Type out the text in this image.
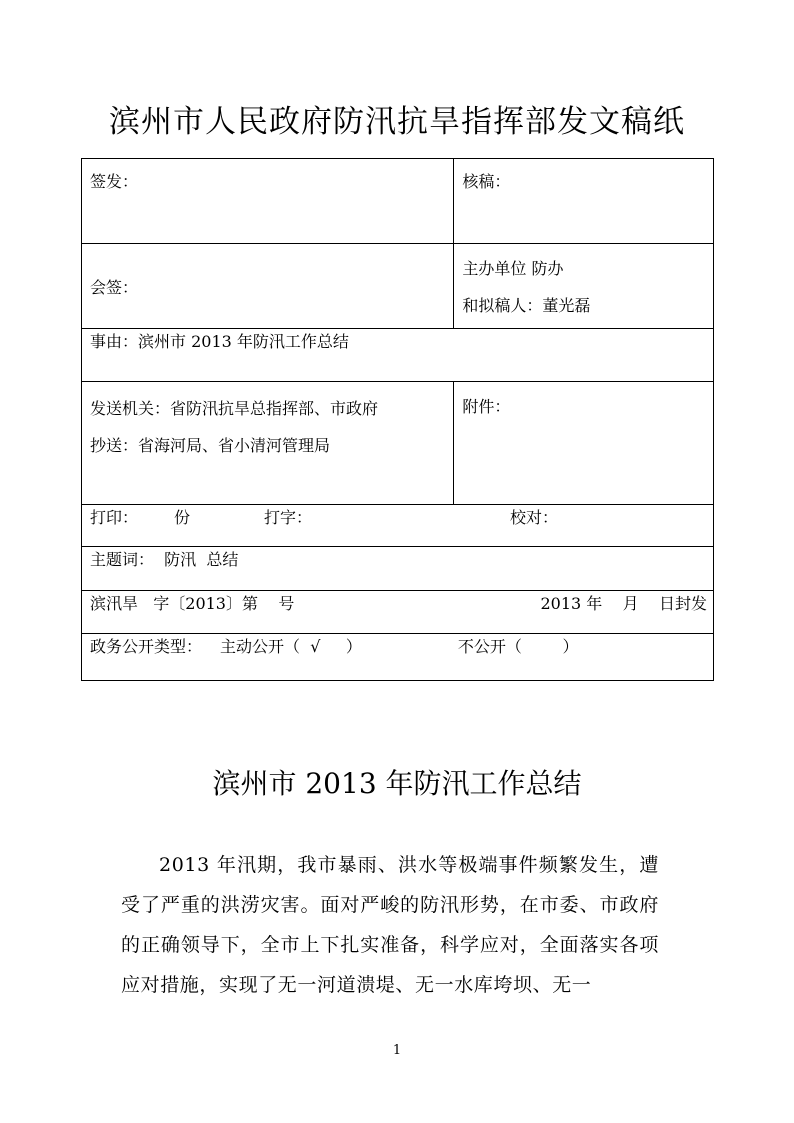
滨州市人民政府防汛抗旱指挥部发文稿纸
签发：	核稿：

会签：	主办单位 防办
和拟稿人：董光磊

事由：滨州市 2013 年防汛工作总结	

发送机关：省防汛抗旱总指挥部、市政府
抄送：省海河局、省小清河管理局	附件：

打印： 份 打字： 校对：	

主题词：  防汛  总结	

滨汛旱   字〔2013〕第    号 2013 年    月    日封发	

政务公开类型： 主动公开（  √     ） 不公开（        ）	
滨州市 2013 年防汛工作总结

2013 年汛期，我市暴雨、洪水等极端事件频繁发生，遭受了严重的洪涝灾害。面对严峻的防汛形势，在市委、市政府的正确领导下，全市上下扎实准备，科学应对，全面落实各项应对措施，实现了无一河道溃堤、无一水库垮坝、无一

1
